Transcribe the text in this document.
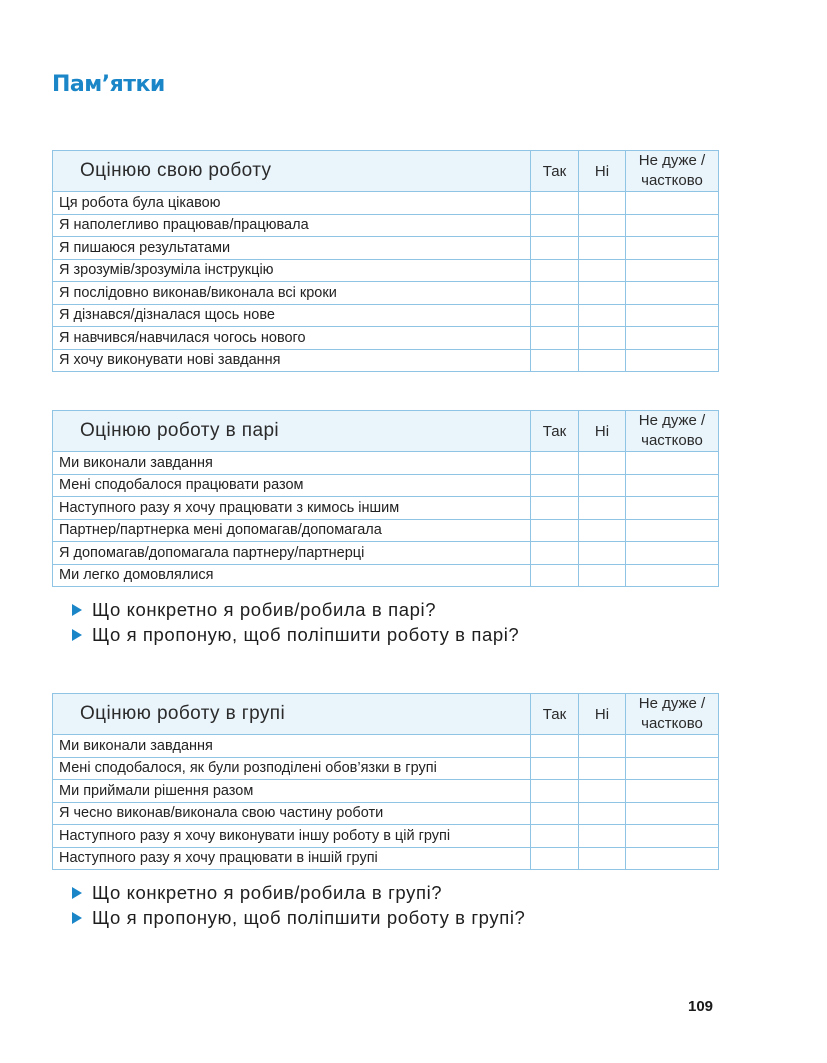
Пам’ятки
Оцінюю свою роботу	Так	Ні	Не дуже /
частково

Ця робота була цікавою			
Я наполегливо працював/працювала			
Я пишаюся результатами			
Я зрозумів/зрозуміла інструкцію			
Я послідовно виконав/виконала всі кроки			
Я дізнався/дізналася щось нове			
Я навчився/навчилася чогось нового			
Я хочу виконувати нові завдання			
Оцінюю роботу в парі	Так	Ні	Не дуже /
частково

Ми виконали завдання			
Мені сподобалося працювати разом			
Наступного разу я хочу працювати з кимось іншим			
Партнер/партнерка мені допомагав/допомагала			
Я допомагав/допомагала партнеру/партнерці			
Ми легко домовлялися			
Що конкретно я робив/робила в парі?
Що я пропоную, щоб поліпшити роботу в парі?
Оцінюю роботу в групі	Так	Ні	Не дуже /
частково

Ми виконали завдання			
Мені сподобалося, як були розподілені обов’язки в групі			
Ми приймали рішення разом			
Я чесно виконав/виконала свою частину роботи			
Наступного разу я хочу виконувати іншу роботу в цій групі			
Наступного разу я хочу працювати в іншій групі			
Що конкретно я робив/робила в групі?
Що я пропоную, щоб поліпшити роботу в групі?
109
